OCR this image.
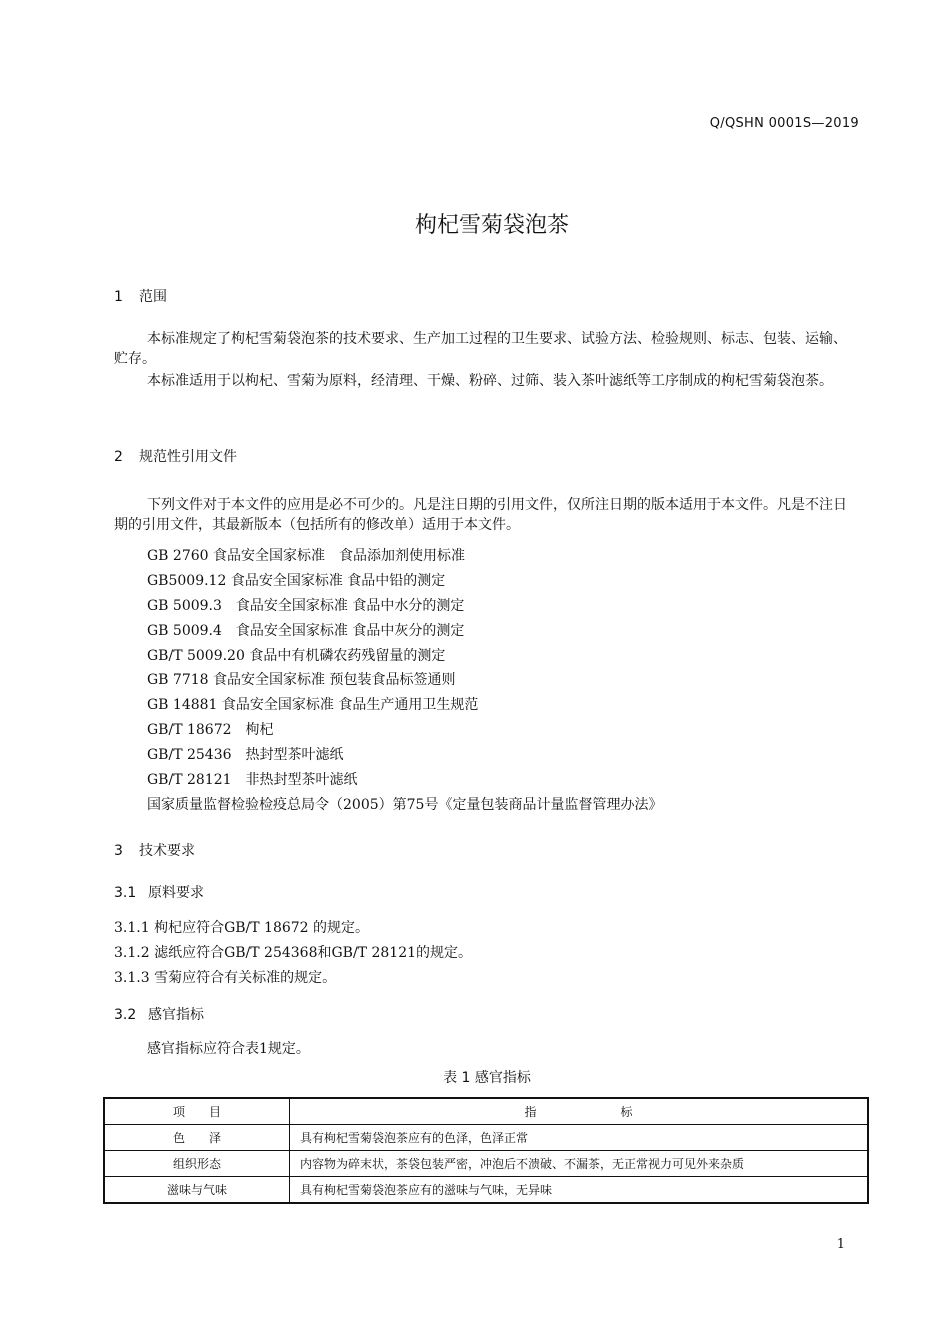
Q/QSHN 0001S—2019
枸杞雪菊袋泡茶
1 范围
本标准规定了枸杞雪菊袋泡茶的技术要求、生产加工过程的卫生要求、试验方法、检验规则、标志、包装、运输、贮存。
本标准适用于以枸杞、雪菊为原料，经清理、干燥、粉碎、过筛、装入茶叶滤纸等工序制成的枸杞雪菊袋泡茶。
2 规范性引用文件
下列文件对于本文件的应用是必不可少的。凡是注日期的引用文件，仅所注日期的版本适用于本文件。凡是不注日期的引用文件，其最新版本（包括所有的修改单）适用于本文件。
GB 2760 食品安全国家标准　食品添加剂使用标准
GB5009.12 食品安全国家标准 食品中铅的测定
GB 5009.3　食品安全国家标准 食品中水分的测定
GB 5009.4　食品安全国家标准 食品中灰分的测定
GB/T 5009.20 食品中有机磷农药残留量的测定
GB 7718 食品安全国家标准 预包装食品标签通则
GB 14881 食品安全国家标准 食品生产通用卫生规范
GB/T 18672　枸杞
GB/T 25436　热封型茶叶滤纸
GB/T 28121　非热封型茶叶滤纸
国家质量监督检验检疫总局令（2005）第75号《定量包装商品计量监督管理办法》
3 技术要求
3.1 原料要求
3.1.1 枸杞应符合GB/T 18672 的规定。
3.1.2 滤纸应符合GB/T 254368和GB/T 28121的规定。
3.1.3 雪菊应符合有关标准的规定。
3.2 感官指标
感官指标应符合表1规定。
表 1 感官指标
项　　目	指　　　　　　　标
色　　泽	具有枸杞雪菊袋泡茶应有的色泽，色泽正常
组织形态	内容物为碎末状，茶袋包装严密，冲泡后不溃破、不漏茶，无正常视力可见外来杂质
滋味与气味	具有枸杞雪菊袋泡茶应有的滋味与气味，无异味
1
